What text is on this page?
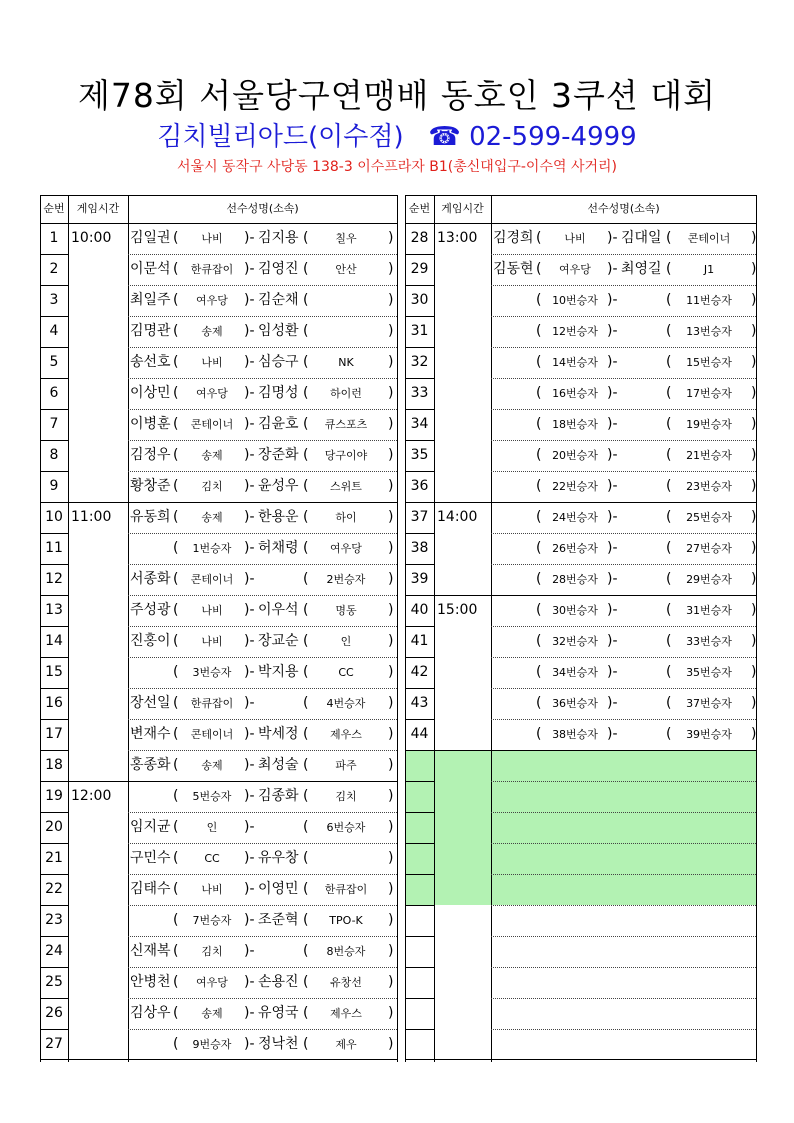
제78회 서울당구연맹배 동호인 3쿠션 대회
김치빌리아드(이수점) ☎ 02-599-4999
서울시 동작구 사당동 138-3 이수프라자 B1(총신대입구-이수역 사거리)
순번	게임시간	선수성명(소속)	순번	게임시간	선수성명(소속)
1 10:00 김일권 (	나비	)- 김지용 (	칠우	)
2	이문석 (	한큐잡이 )- 김영진 (	안산	)
3	최일주 (	여우당	)- 김순채 (	)
4	김명관 (	송제	)- 임성환 (	)
5	송선호 (	나비	)- 심승구 (	NK	)
6	이상민 (	여우당	)- 김명성 (	하이런	)
7	이병훈 (	콘테이너 )- 김윤호 (	큐스포츠	)
8	김정우 (	송제	)- 장준화 (	당구이야	)
9	황창준 (	김치	)- 윤성우 (	스위트	)
10 11:00 유동희 (	송제	)- 한용운 (	하이	)
11	(	1번승자 )- 허채령 (	여우당	)
12	서종화 (	콘테이너 )-	(	2번승자	)
13	주성광 (	나비	)- 이우석 (	명동	)
14	진홍이 (	나비	)- 장교순 (	인	)
15	(	3번승자 )- 박지용 (	CC	)
16	장선일 (	한큐잡이 )-	(	4번승자	)
17	변재수 (	콘테이너 )- 박세정 (	제우스	)
18	홍종화 (	송제	)- 최성술 (	파주	)
19 12:00	(	5번승자 )- 김종화 (	김치	)
20	임지균 (	인	)-	(	6번승자	)
21	구민수 (	CC	)- 유우창 (	)
22	김태수 (	나비	)- 이영민 (	한큐잡이	)
23	(	7번승자 )- 조준혁 (	TPO-K	)
24	신재복 (	김치	)-	(	8번승자	)
25	안병천 (	여우당	)- 손용진 (	유창선	)
26	김상우 (	송제	)- 유영국 (	제우스	)
27	(	9번승자 )- 정낙천 (	제우	)
28 13:00 김경희 (	나비	)- 김대일 (	콘테이너	)
29	김동현 (	여우당	)- 최영길 (	J1	)
30	( 10번승자 )-	(	11번승자	)
31	( 12번승자 )-	(	13번승자	)
32	( 14번승자 )-	(	15번승자	)
33	( 16번승자 )-	(	17번승자	)
34	( 18번승자 )-	(	19번승자	)
35	( 20번승자 )-	(	21번승자	)
36	( 22번승자 )-	(	23번승자	)
37 14:00	( 24번승자 )-	(	25번승자	)
38	( 26번승자 )-	(	27번승자	)
39	( 28번승자 )-	(	29번승자	)
40 15:00	( 30번승자 )-	(	31번승자	)
41	( 32번승자 )-	(	33번승자	)
42	( 34번승자 )-	(	35번승자	)
43	( 36번승자 )-	(	37번승자	)
44	( 38번승자 )-	(	39번승자	)
